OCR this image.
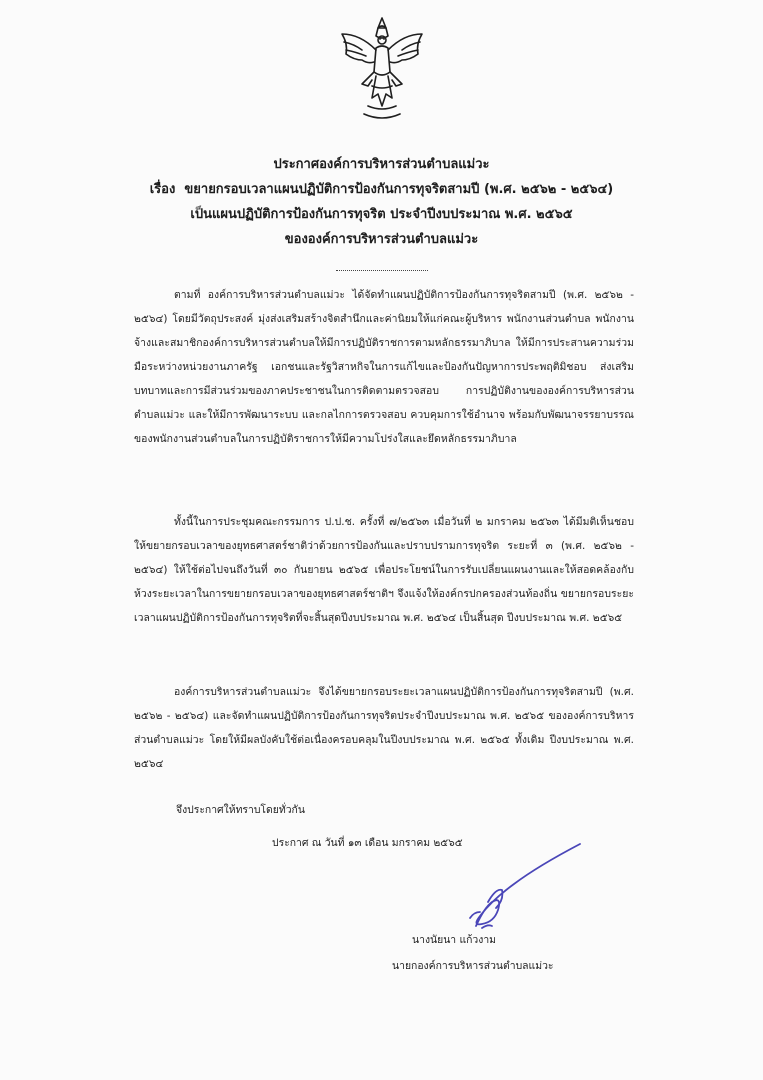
ประกาศองค์การบริหารส่วนตำบลแม่วะ
เรื่อง ขยายกรอบเวลาแผนปฏิบัติการป้องกันการทุจริตสามปี (พ.ศ. ๒๕๖๒ - ๒๕๖๔)
เป็นแผนปฏิบัติการป้องกันการทุจริต ประจำปีงบประมาณ พ.ศ. ๒๕๖๕
ขององค์การบริหารส่วนตำบลแม่วะ
ตามที่ องค์การบริหารส่วนตำบลแม่วะ ได้จัดทำแผนปฏิบัติการป้องกันการทุจริตสามปี (พ.ศ. ๒๕๖๒ - ๒๕๖๔) โดยมีวัตถุประสงค์ มุ่งส่งเสริมสร้างจิตสำนึกและค่านิยมให้แก่คณะผู้บริหาร พนักงานส่วนตำบล พนักงานจ้างและสมาชิกองค์การบริหารส่วนตำบลให้มีการปฏิบัติราชการตามหลักธรรมาภิบาล ให้มีการประสานความร่วมมือระหว่างหน่วยงานภาครัฐ เอกชนและรัฐวิสาหกิจในการแก้ไขและป้องกันปัญหาการประพฤติมิชอบ ส่งเสริมบทบาทและการมีส่วนร่วมของภาคประชาชนในการติดตามตรวจสอบ การปฏิบัติงานขององค์การบริหารส่วนตำบลแม่วะ และให้มีการพัฒนาระบบ และกลไกการตรวจสอบ ควบคุมการใช้อำนาจ พร้อมกับพัฒนาจรรยาบรรณของพนักงานส่วนตำบลในการปฏิบัติราชการให้มีความโปร่งใสและยึดหลักธรรมาภิบาล
ทั้งนี้ในการประชุมคณะกรรมการ ป.ป.ช. ครั้งที่ ๗/๒๕๖๓ เมื่อวันที่ ๒ มกราคม ๒๕๖๓ ได้มีมติเห็นชอบให้ขยายกรอบเวลาของยุทธศาสตร์ชาติว่าด้วยการป้องกันและปราบปรามการทุจริต ระยะที่ ๓ (พ.ศ. ๒๕๖๒ - ๒๕๖๔) ให้ใช้ต่อไปจนถึงวันที่ ๓๐ กันยายน ๒๕๖๕ เพื่อประโยชน์ในการรับเปลี่ยนแผนงานและให้สอดคล้องกับห้วงระยะเวลาในการขยายกรอบเวลาของยุทธศาสตร์ชาติฯ จึงแจ้งให้องค์กรปกครองส่วนท้องถิ่น ขยายกรอบระยะเวลาแผนปฏิบัติการป้องกันการทุจริตที่จะสิ้นสุดปีงบประมาณ พ.ศ. ๒๕๖๔ เป็นสิ้นสุด ปีงบประมาณ พ.ศ. ๒๕๖๕
องค์การบริหารส่วนตำบลแม่วะ จึงได้ขยายกรอบระยะเวลาแผนปฏิบัติการป้องกันการทุจริตสามปี (พ.ศ. ๒๕๖๒ - ๒๕๖๔) และจัดทำแผนปฏิบัติการป้องกันการทุจริตประจำปีงบประมาณ พ.ศ. ๒๕๖๕ ขององค์การบริหารส่วนตำบลแม่วะ โดยให้มีผลบังคับใช้ต่อเนื่องครอบคลุมในปีงบประมาณ พ.ศ. ๒๕๖๕ ทั้งเดิม ปีงบประมาณ พ.ศ. ๒๕๖๔
จึงประกาศให้ทราบโดยทั่วกัน
ประกาศ ณ วันที่ ๑๓ เดือน มกราคม ๒๕๖๕
นางนัยนา แก้วงาม
นายกองค์การบริหารส่วนตำบลแม่วะ
